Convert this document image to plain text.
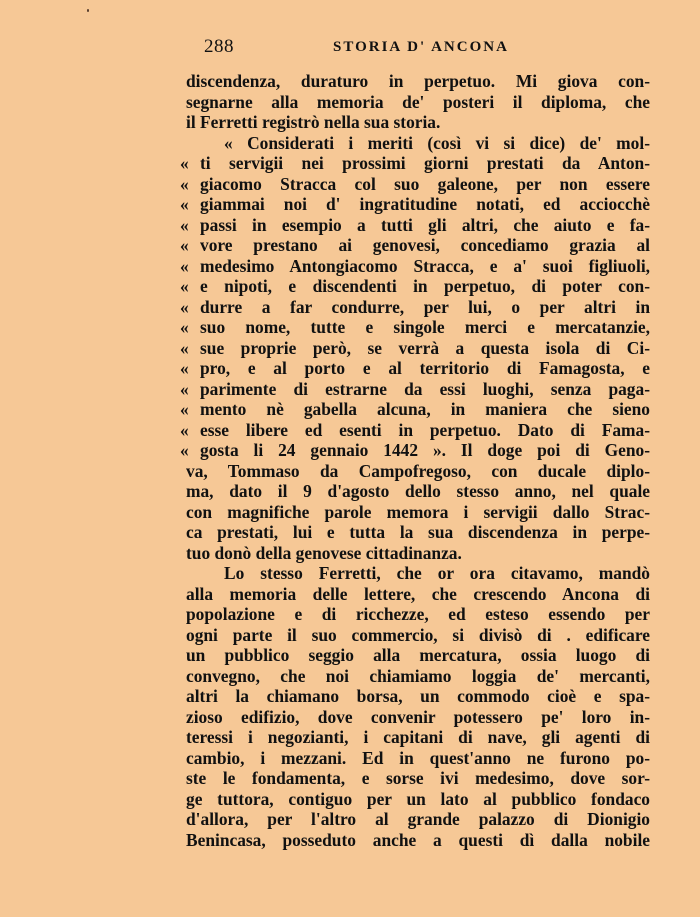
288	STORIA D' ANCONA
discendenza, duraturo in perpetuo. Mi giova con-
segnarne alla memoria de' posteri il diploma, che
il Ferretti registrò nella sua storia.
« Considerati i meriti (così vi si dice) de' mol-
« ti servigii nei prossimi giorni prestati da Anton-
« giacomo Stracca col suo galeone, per non essere
« giammai noi d' ingratitudine notati, ed acciocchè
« passi in esempio a tutti gli altri, che aiuto e fa-
« vore prestano ai genovesi, concediamo grazia al
« medesimo Antongiacomo Stracca, e a' suoi figliuoli,
« e nipoti, e discendenti in perpetuo, di poter con-
« durre a far condurre, per lui, o per altri in
« suo nome, tutte e singole merci e mercatanzie,
« sue proprie però, se verrà a questa isola di Ci-
« pro, e al porto e al territorio di Famagosta, e
« parimente di estrarne da essi luoghi, senza paga-
« mento nè gabella alcuna, in maniera che sieno
« esse libere ed esenti in perpetuo. Dato di Fama-
« gosta li 24 gennaio 1442 ». Il doge poi di Geno-
va, Tommaso da Campofregoso, con ducale diplo-
ma, dato il 9 d'agosto dello stesso anno, nel quale
con magnifiche parole memora i servigii dallo Strac-
ca prestati, lui e tutta la sua discendenza in perpe-
tuo donò della genovese cittadinanza.
Lo stesso Ferretti, che or ora citavamo, mandò
alla memoria delle lettere, che crescendo Ancona di
popolazione e di ricchezze, ed esteso essendo per
ogni parte il suo commercio, si divisò di . edificare
un pubblico seggio alla mercatura, ossia luogo di
convegno, che noi chiamiamo loggia de' mercanti,
altri la chiamano borsa, un commodo cioè e spa-
zioso edifizio, dove convenir potessero pe' loro in-
teressi i negozianti, i capitani di nave, gli agenti di
cambio, i mezzani. Ed in quest'anno ne furono po-
ste le fondamenta, e sorse ivi medesimo, dove sor-
ge tuttora, contiguo per un lato al pubblico fondaco
d'allora, per l'altro al grande palazzo di Dionigio
Benincasa, posseduto anche a questi dì dalla nobile
